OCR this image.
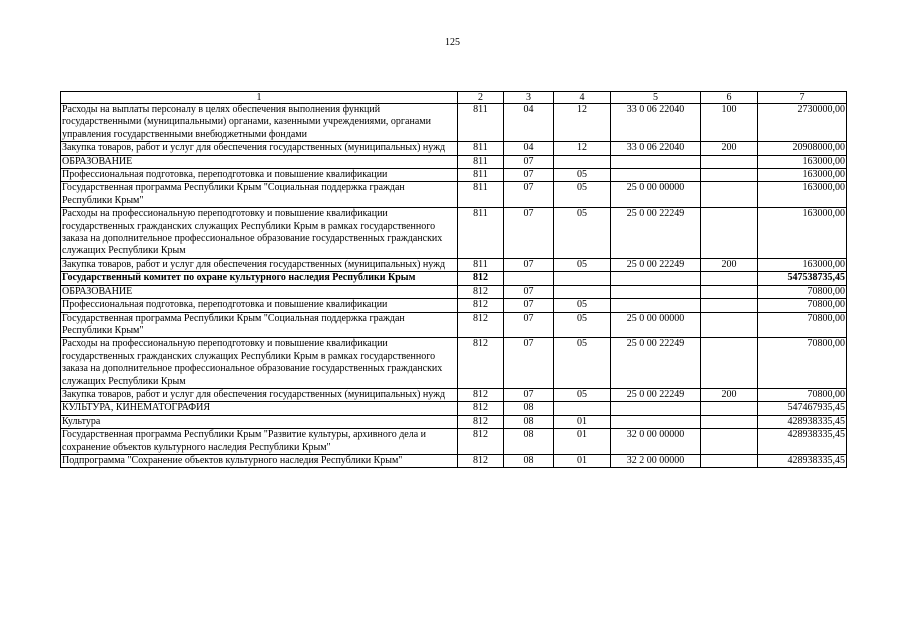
125
1	2	3	4	5	6	7
Расходы на выплаты персоналу в целях обеспечения выполнения функций государственными (муниципальными) органами, казенными учреждениями, органами управления государственными внебюджетными фондами	811	04	12	33 0 06 22040	100	2730000,00
Закупка товаров, работ и услуг для обеспечения государственных (муниципальных) нужд	811	04	12	33 0 06 22040	200	20908000,00
ОБРАЗОВАНИЕ	811	07				163000,00
Профессиональная подготовка, переподготовка и повышение квалификации	811	07	05			163000,00
Государственная программа Республики Крым "Социальная поддержка граждан Республики Крым"	811	07	05	25 0 00 00000		163000,00
Расходы на профессиональную переподготовку и повышение квалификации государственных гражданских служащих Республики Крым в рамках государственного заказа на дополнительное профессиональное образование государственных гражданских служащих Республики Крым	811	07	05	25 0 00 22249		163000,00
Закупка товаров, работ и услуг для обеспечения государственных (муниципальных) нужд	811	07	05	25 0 00 22249	200	163000,00
Государственный комитет по охране культурного наследия Республики Крым	812					547538735,45
ОБРАЗОВАНИЕ	812	07				70800,00
Профессиональная подготовка, переподготовка и повышение квалификации	812	07	05			70800,00
Государственная программа Республики Крым "Социальная поддержка граждан Республики Крым"	812	07	05	25 0 00 00000		70800,00
Расходы на профессиональную переподготовку и повышение квалификации государственных гражданских служащих Республики Крым в рамках государственного заказа на дополнительное профессиональное образование государственных гражданских служащих Республики Крым	812	07	05	25 0 00 22249		70800,00
Закупка товаров, работ и услуг для обеспечения государственных (муниципальных) нужд	812	07	05	25 0 00 22249	200	70800,00
КУЛЬТУРА, КИНЕМАТОГРАФИЯ	812	08				547467935,45
Культура	812	08	01			428938335,45
Государственная программа Республики Крым "Развитие культуры, архивного дела и сохранение объектов культурного наследия Республики Крым"	812	08	01	32 0 00 00000		428938335,45
Подпрограмма "Сохранение объектов культурного наследия Республики Крым"	812	08	01	32 2 00 00000		428938335,45
